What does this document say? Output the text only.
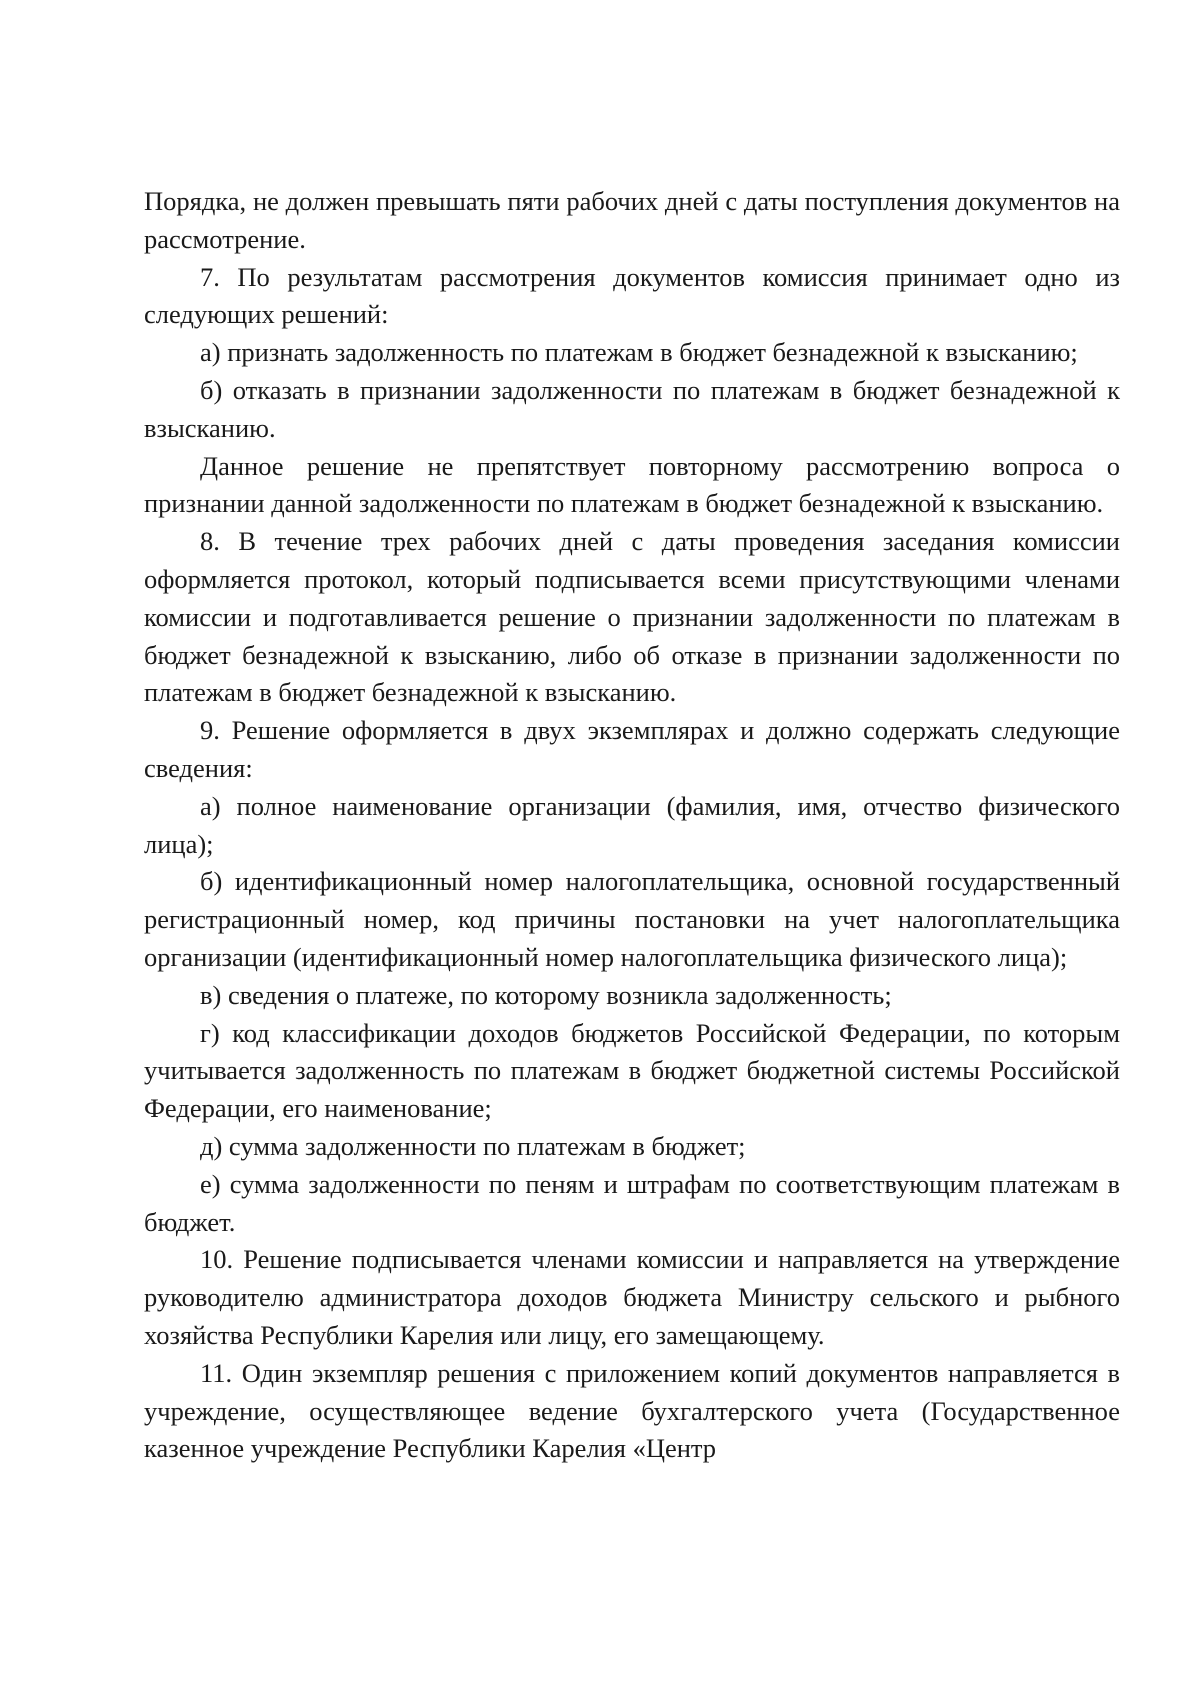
Порядка, не должен превышать пяти рабочих дней с даты поступления документов на рассмотрение.

7. По результатам рассмотрения документов комиссия принимает одно из следующих решений:

а) признать задолженность по платежам в бюджет безнадежной к взысканию;

б) отказать в признании задолженности по платежам в бюджет безнадежной к взысканию.

Данное решение не препятствует повторному рассмотрению вопроса о признании данной задолженности по платежам в бюджет безнадежной к взысканию.

8. В течение трех рабочих дней с даты проведения заседания комиссии оформляется протокол, который подписывается всеми присутствующими членами комиссии и подготавливается решение о признании задолженности по платежам в бюджет безнадежной к взысканию, либо об отказе в признании задолженности по платежам в бюджет безнадежной к взысканию.

9. Решение оформляется в двух экземплярах и должно содержать следующие сведения:

а) полное наименование организации (фамилия, имя, отчество физического лица);

б) идентификационный номер налогоплательщика, основной государственный регистрационный номер, код причины постановки на учет налогоплательщика организации (идентификационный номер налогоплательщика физического лица);

в) сведения о платеже, по которому возникла задолженность;

г) код классификации доходов бюджетов Российской Федерации, по которым учитывается задолженность по платежам в бюджет бюджетной системы Российской Федерации, его наименование;

д) сумма задолженности по платежам в бюджет;

е) сумма задолженности по пеням и штрафам по соответствующим платежам в бюджет.

10. Решение подписывается членами комиссии и направляется на утверждение руководителю администратора доходов бюджета Министру сельского и рыбного хозяйства Республики Карелия или лицу, его замещающему.

11. Один экземпляр решения с приложением копий документов направляется в учреждение, осуществляющее ведение бухгалтерского учета (Государственное казенное учреждение Республики Карелия «Центр
